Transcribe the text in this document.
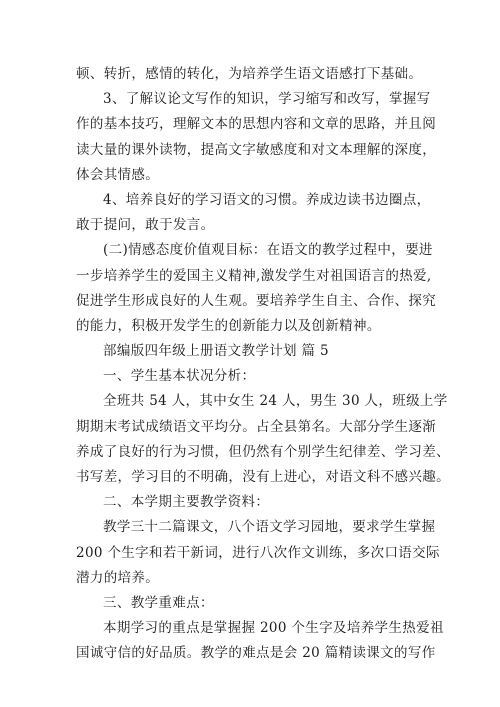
顿、转折，感情的转化，为培养学生语文语感打下基础。
3、了解议论文写作的知识，学习缩写和改写，掌握写
作的基本技巧，理解文本的思想内容和文章的思路，并且阅
读大量的课外读物，提高文字敏感度和对文本理解的深度，
体会其情感。
4、培养良好的学习语文的习惯。养成边读书边圈点，
敢于提问，敢于发言。
(二)情感态度价值观目标：在语文的教学过程中，要进
一步培养学生的爱国主义精神,激发学生对祖国语言的热爱,
促进学生形成良好的人生观。要培养学生自主、合作、探究
的能力，积极开发学生的创新能力以及创新精神。
部编版四年级上册语文教学计划 篇 5
一、学生基本状况分析：
全班共 54 人，其中女生 24 人，男生 30 人，班级上学
期期末考试成绩语文平均分。占全县第名。大部分学生逐渐
养成了良好的行为习惯，但仍然有个别学生纪律差、学习差、
书写差，学习目的不明确，没有上进心，对语文科不感兴趣。
二、本学期主要教学资料：
教学三十二篇课文，八个语文学习园地，要求学生掌握
200 个生字和若干新词，进行八次作文训练，多次口语交际
潜力的培养。
三、教学重难点：
本期学习的重点是掌握握 200 个生字及培养学生热爱祖
国诚守信的好品质。教学的难点是会 20 篇精读课文的写作
